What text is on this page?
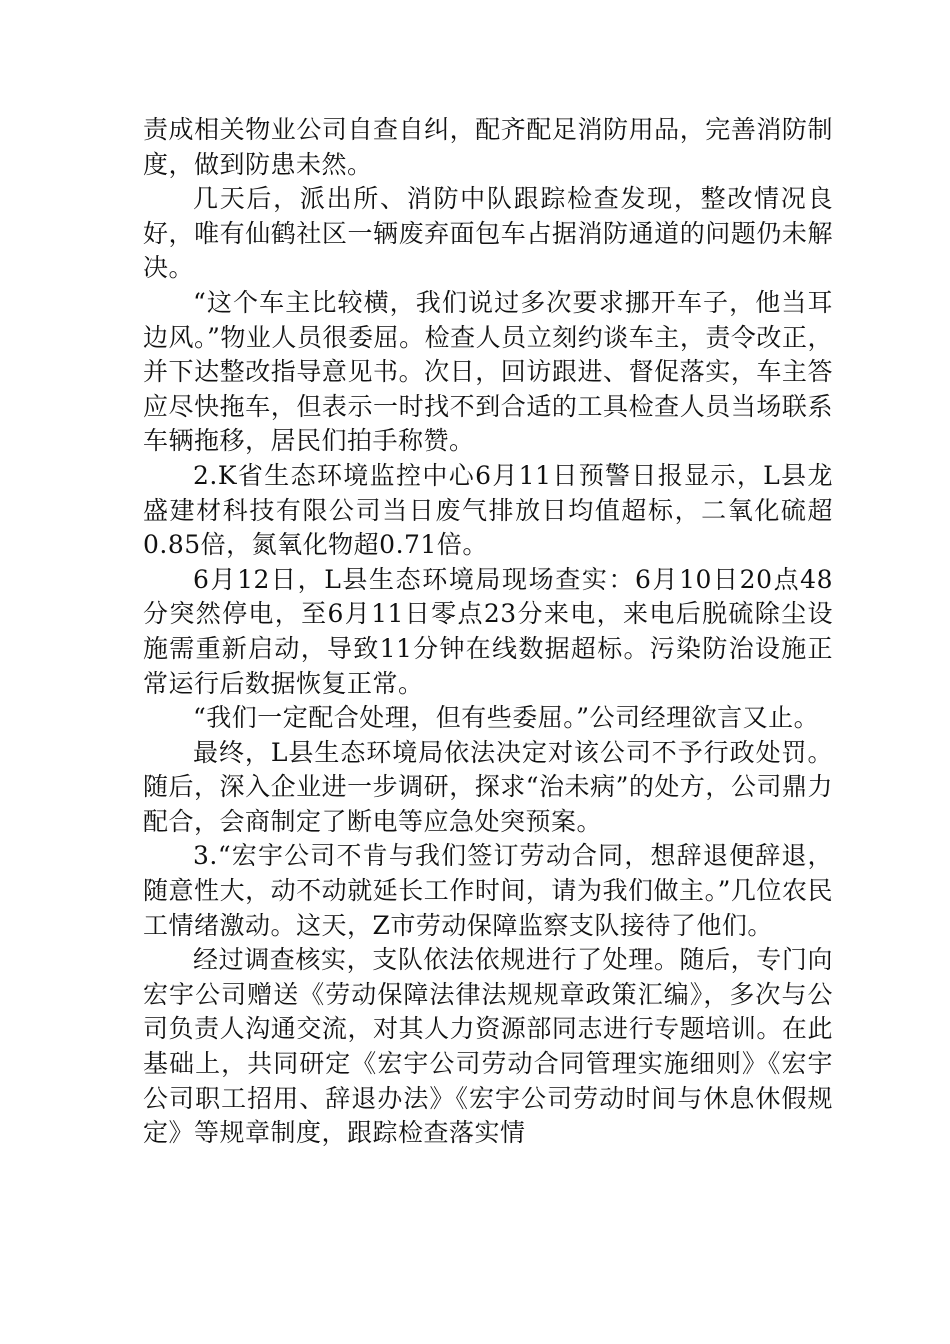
责成相关物业公司自查自纠，配齐配足消防用品，完善消防制度，做到防患未然。

几天后，派出所、消防中队跟踪检查发现，整改情况良好，唯有仙鹤社区一辆废弃面包车占据消防通道的问题仍未解决。

“这个车主比较横，我们说过多次要求挪开车子，他当耳边风。”物业人员很委屈。检查人员立刻约谈车主，责令改正，并下达整改指导意见书。次日，回访跟进、督促落实，车主答应尽快拖车，但表示一时找不到合适的工具检查人员当场联系车辆拖移，居民们拍手称赞。

2.K省生态环境监控中心6月11日预警日报显示，L县龙盛建材科技有限公司当日废气排放日均值超标，二氧化硫超0.85倍，氮氧化物超0.71倍。

6月12日，L县生态环境局现场查实：6月10日20点48分突然停电，至6月11日零点23分来电，来电后脱硫除尘设施需重新启动，导致11分钟在线数据超标。污染防治设施正常运行后数据恢复正常。

“我们一定配合处理，但有些委屈。”公司经理欲言又止。

最终，L县生态环境局依法决定对该公司不予行政处罚。随后，深入企业进一步调研，探求“治未病”的处方，公司鼎力配合，会商制定了断电等应急处突预案。

3.“宏宇公司不肯与我们签订劳动合同，想辞退便辞退，随意性大，动不动就延长工作时间，请为我们做主。”几位农民工情绪激动。这天，Z市劳动保障监察支队接待了他们。

经过调查核实，支队依法依规进行了处理。随后，专门向宏宇公司赠送《劳动保障法律法规规章政策汇编》，多次与公司负责人沟通交流，对其人力资源部同志进行专题培训。在此基础上，共同研定《宏宇公司劳动合同管理实施细则》《宏宇公司职工招用、辞退办法》《宏宇公司劳动时间与休息休假规定》等规章制度，跟踪检查落实情
